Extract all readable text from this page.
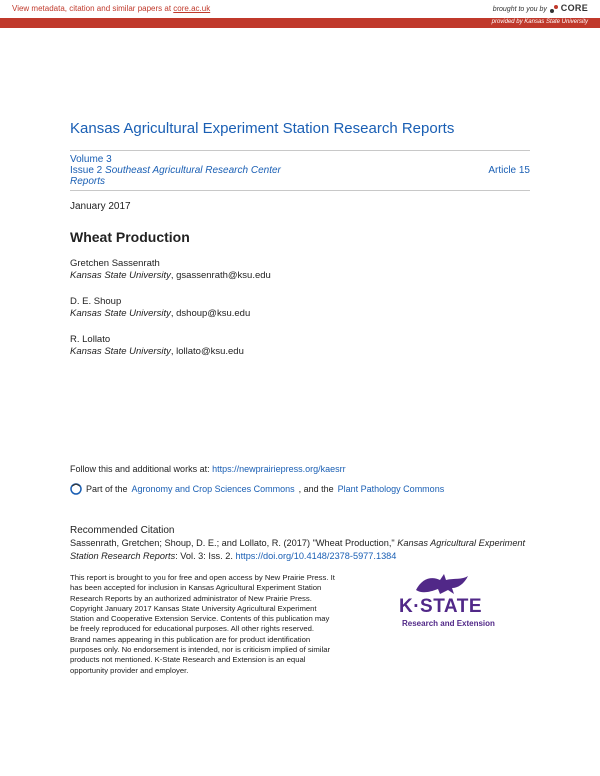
View metadata, citation and similar papers at core.ac.uk	brought to you by CORE
provided by Kansas State University
Kansas Agricultural Experiment Station Research Reports
Volume 3
Issue 2 Southeast Agricultural Research Center
Reports
Article 15
January 2017
Wheat Production
Gretchen Sassenrath
Kansas State University, gsassenrath@ksu.edu
D. E. Shoup
Kansas State University, dshoup@ksu.edu
R. Lollato
Kansas State University, lollato@ksu.edu
Follow this and additional works at: https://newprairiepress.org/kaesrr
Part of the Agronomy and Crop Sciences Commons , and the Plant Pathology Commons
Recommended Citation
Sassenrath, Gretchen; Shoup, D. E.; and Lollato, R. (2017) "Wheat Production," Kansas Agricultural Experiment Station Research Reports: Vol. 3: Iss. 2. https://doi.org/10.4148/2378-5977.1384
This report is brought to you for free and open access by New Prairie Press. It has been accepted for inclusion in Kansas Agricultural Experiment Station Research Reports by an authorized administrator of New Prairie Press. Copyright January 2017 Kansas State University Agricultural Experiment Station and Cooperative Extension Service. Contents of this publication may be freely reproduced for educational purposes. All other rights reserved. Brand names appearing in this publication are for product identification purposes only. No endorsement is intended, nor is criticism implied of similar products not mentioned. K-State Research and Extension is an equal opportunity provider and employer.
K·STATE
Research and Extension
